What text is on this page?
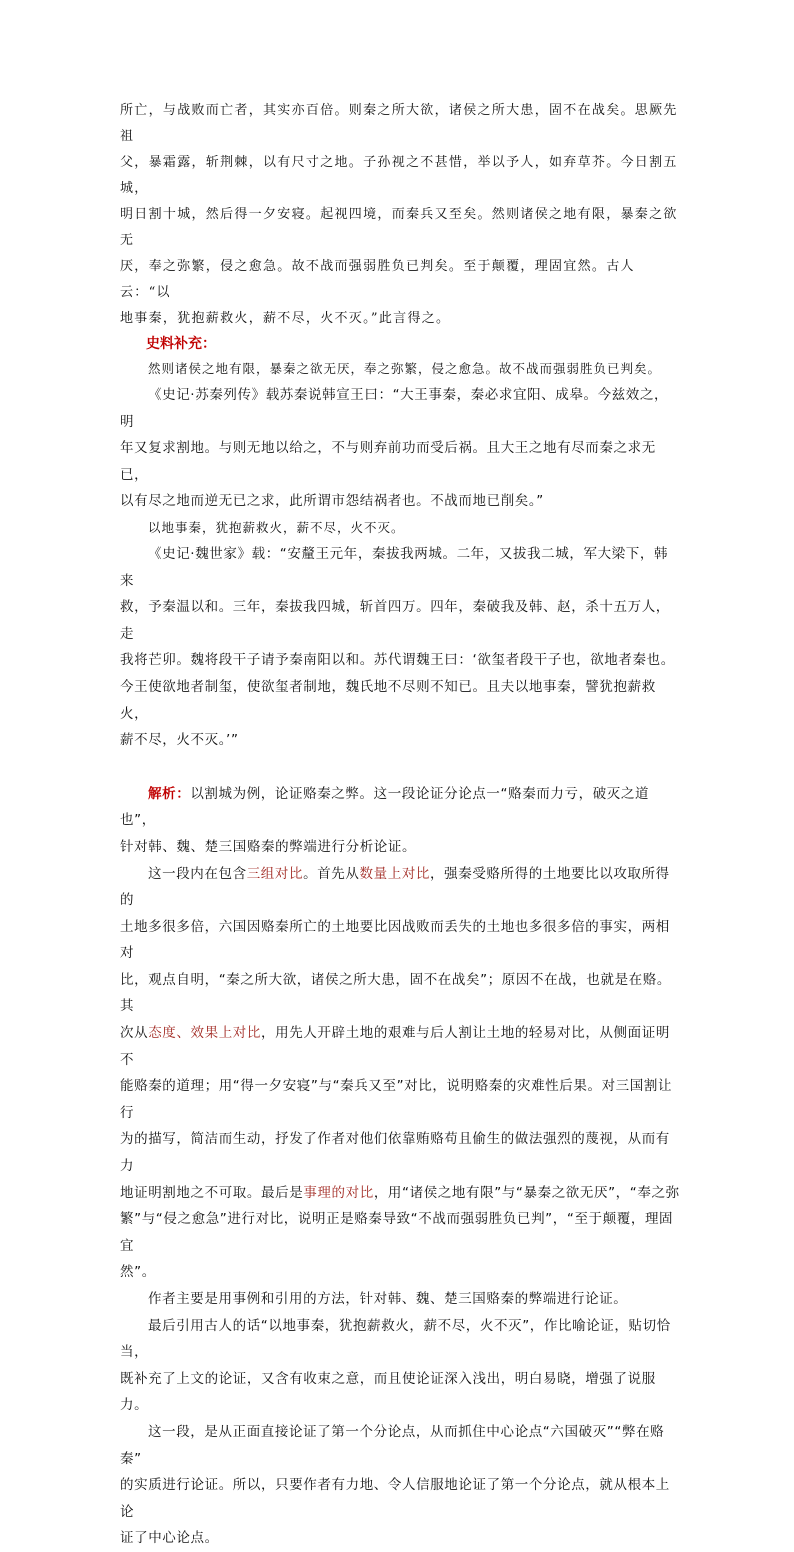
所亡，与战败而亡者，其实亦百倍。则秦之所大欲，诸侯之所大患，固不在战矣。思厥先祖

父，暴霜露，斩荆棘，以有尺寸之地。子孙视之不甚惜，举以予人，如弃草芥。今日割五城，

明日割十城，然后得一夕安寝。起视四境，而秦兵又至矣。然则诸侯之地有限，暴秦之欲无

厌，奉之弥繁，侵之愈急。故不战而强弱胜负已判矣。至于颠覆，理固宜然。古人云：“以

地事秦，犹抱薪救火，薪不尽，火不灭。”此言得之。

史料补充：

然则诸侯之地有限，暴秦之欲无厌，奉之弥繁，侵之愈急。故不战而强弱胜负已判矣。

《史记·苏秦列传》载苏秦说韩宣王曰：“大王事秦，秦必求宜阳、成皋。今兹效之，明

年又复求割地。与则无地以给之，不与则弃前功而受后祸。且大王之地有尽而秦之求无已，

以有尽之地而逆无已之求，此所谓市怨结祸者也。不战而地已削矣。”

以地事秦，犹抱薪救火，薪不尽，火不灭。

《史记·魏世家》载：“安釐王元年，秦拔我两城。二年，又拔我二城，军大梁下，韩来

救，予秦温以和。三年，秦拔我四城，斩首四万。四年，秦破我及韩、赵，杀十五万人，走

我将芒卯。魏将段干子请予秦南阳以和。苏代谓魏王曰：‘欲玺者段干子也，欲地者秦也。

今王使欲地者制玺，使欲玺者制地，魏氏地不尽则不知已。且夫以地事秦，譬犹抱薪救火，

薪不尽，火不灭。’”

解析：以割城为例，论证赂秦之弊。这一段论证分论点一“赂秦而力亏，破灭之道也”，

针对韩、魏、楚三国赂秦的弊端进行分析论证。

这一段内在包含三组对比。首先从数量上对比，强秦受赂所得的土地要比以攻取所得的

土地多很多倍，六国因赂秦所亡的土地要比因战败而丢失的土地也多很多倍的事实，两相对

比，观点自明，“秦之所大欲，诸侯之所大患，固不在战矣”；原因不在战，也就是在赂。其

次从态度、效果上对比，用先人开辟土地的艰难与后人割让土地的轻易对比，从侧面证明不

能赂秦的道理；用“得一夕安寝”与“秦兵又至”对比，说明赂秦的灾难性后果。对三国割让行

为的描写，简洁而生动，抒发了作者对他们依靠贿赂苟且偷生的做法强烈的蔑视，从而有力

地证明割地之不可取。最后是事理的对比，用“诸侯之地有限”与“暴秦之欲无厌”，“奉之弥

繁”与“侵之愈急”进行对比，说明正是赂秦导致“不战而强弱胜负已判”，“至于颠覆，理固宜

然”。

作者主要是用事例和引用的方法，针对韩、魏、楚三国赂秦的弊端进行论证。

最后引用古人的话“以地事秦，犹抱薪救火，薪不尽，火不灭”，作比喻论证，贴切恰当，

既补充了上文的论证，又含有收束之意，而且使论证深入浅出，明白易晓，增强了说服力。

这一段，是从正面直接论证了第一个分论点，从而抓住中心论点“六国破灭”“弊在赂秦”

的实质进行论证。所以，只要作者有力地、令人信服地论证了第一个分论点，就从根本上论

证了中心论点。
